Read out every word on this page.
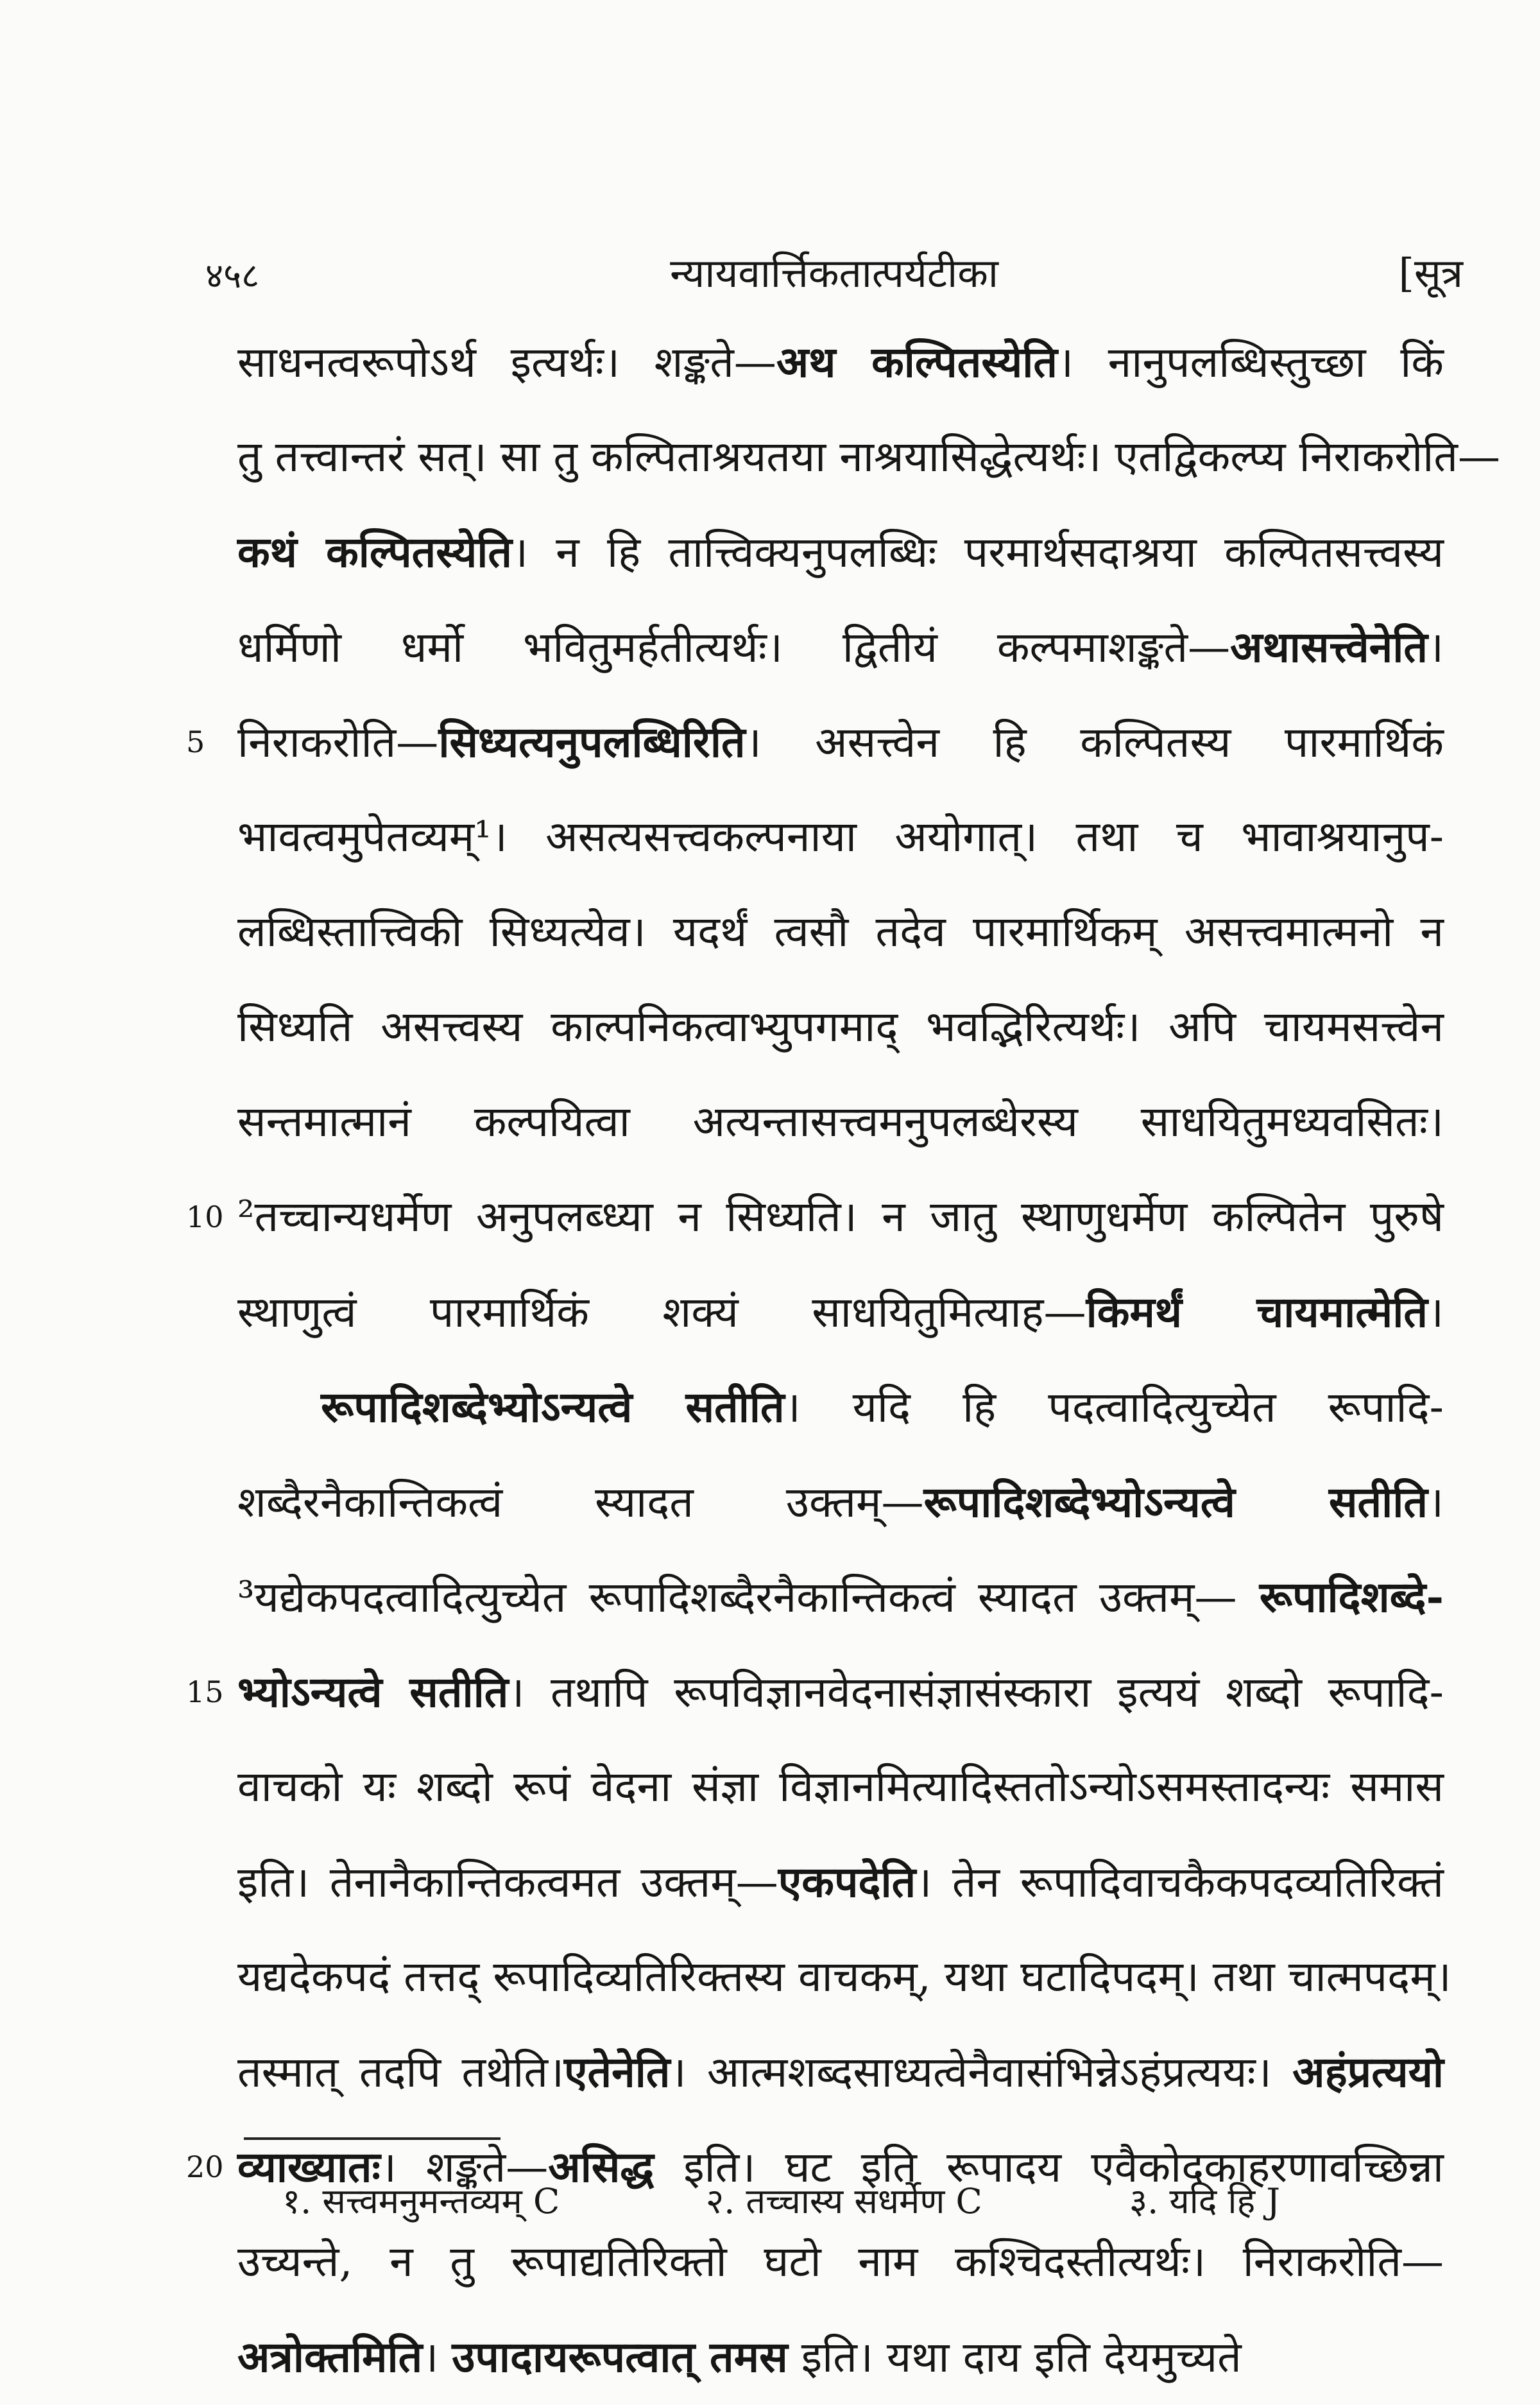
४५८	न्यायवार्त्तिकतात्पर्यटीका	[सूत्र
साधनत्वरूपोऽर्थ इत्यर्थः। शङ्कते—अथ कल्पितस्येति। नानुपलब्धिस्तुच्छा किं
तु तत्त्वान्तरं सत्। सा तु कल्पिताश्रयतया नाश्रयासिद्धेत्यर्थः। एतद्विकल्प्य निराकरोति—
कथं कल्पितस्येति। न हि तात्त्विक्यनुपलब्धिः परमार्थसदाश्रया कल्पितसत्त्वस्य
धर्मिणो धर्मो भवितुमर्हतीत्यर्थः। द्वितीयं कल्पमाशङ्कते—अथासत्त्वेनेति।
5 निराकरोति—सिध्यत्यनुपलब्धिरिति। असत्त्वेन हि कल्पितस्य पारमार्थिकं
भावत्वमुपेतव्यम्¹। असत्यसत्त्वकल्पनाया अयोगात्। तथा च भावाश्रयानुप-
लब्धिस्तात्त्विकी सिध्यत्येव। यदर्थं त्वसौ तदेव पारमार्थिकम् असत्त्वमात्मनो न
सिध्यति असत्त्वस्य काल्पनिकत्वाभ्युपगमाद् भवद्भिरित्यर्थः। अपि चायमसत्त्वेन
सन्तमात्मानं कल्पयित्वा अत्यन्तासत्त्वमनुपलब्धेरस्य साधयितुमध्यवसितः।
10 ²तच्चान्यधर्मेण अनुपलब्ध्या न सिध्यति। न जातु स्थाणुधर्मेण कल्पितेन पुरुषे
स्थाणुत्वं पारमार्थिकं शक्यं साधयितुमित्याह—किमर्थं चायमात्मेति।
रूपादिशब्देभ्योऽन्यत्वे सतीति। यदि हि पदत्वादित्युच्येत रूपादि-
शब्दैरनैकान्तिकत्वं स्यादत उक्तम्—रूपादिशब्देभ्योऽन्यत्वे सतीति।
³यद्येकपदत्वादित्युच्येत रूपादिशब्दैरनैकान्तिकत्वं स्यादत उक्तम्— रूपादिशब्दे-
15 भ्योऽन्यत्वे सतीति। तथापि रूपविज्ञानवेदनासंज्ञासंस्कारा इत्ययं शब्दो रूपादि-
वाचको यः शब्दो रूपं वेदना संज्ञा विज्ञानमित्यादिस्ततोऽन्योऽसमस्तादन्यः समास
इति। तेनानैकान्तिकत्वमत उक्तम्—एकपदेति। तेन रूपादिवाचकैकपदव्यतिरिक्तं
यद्यदेकपदं तत्तद् रूपादिव्यतिरिक्तस्य वाचकम्, यथा घटादिपदम्। तथा चात्मपदम्।
तस्मात् तदपि तथेति।एतेनेति। आत्मशब्दसाध्यत्वेनैवासंभिन्नेऽहंप्रत्ययः। अहंप्रत्ययो
20 व्याख्यातः। शङ्कते—असिद्ध इति। घट इति रूपादय एवैकोदकाहरणावच्छिन्ना
उच्यन्ते, न तु रूपाद्यतिरिक्तो घटो नाम कश्चिदस्तीत्यर्थः। निराकरोति—
अत्रोक्तमिति। उपादायरूपत्वात् तमस इति। यथा दाय इति देयमुच्यते
१. सत्त्वमनुमन्तव्यम् C	२. तच्चास्य सधर्मेण C	३. यदि हि J
